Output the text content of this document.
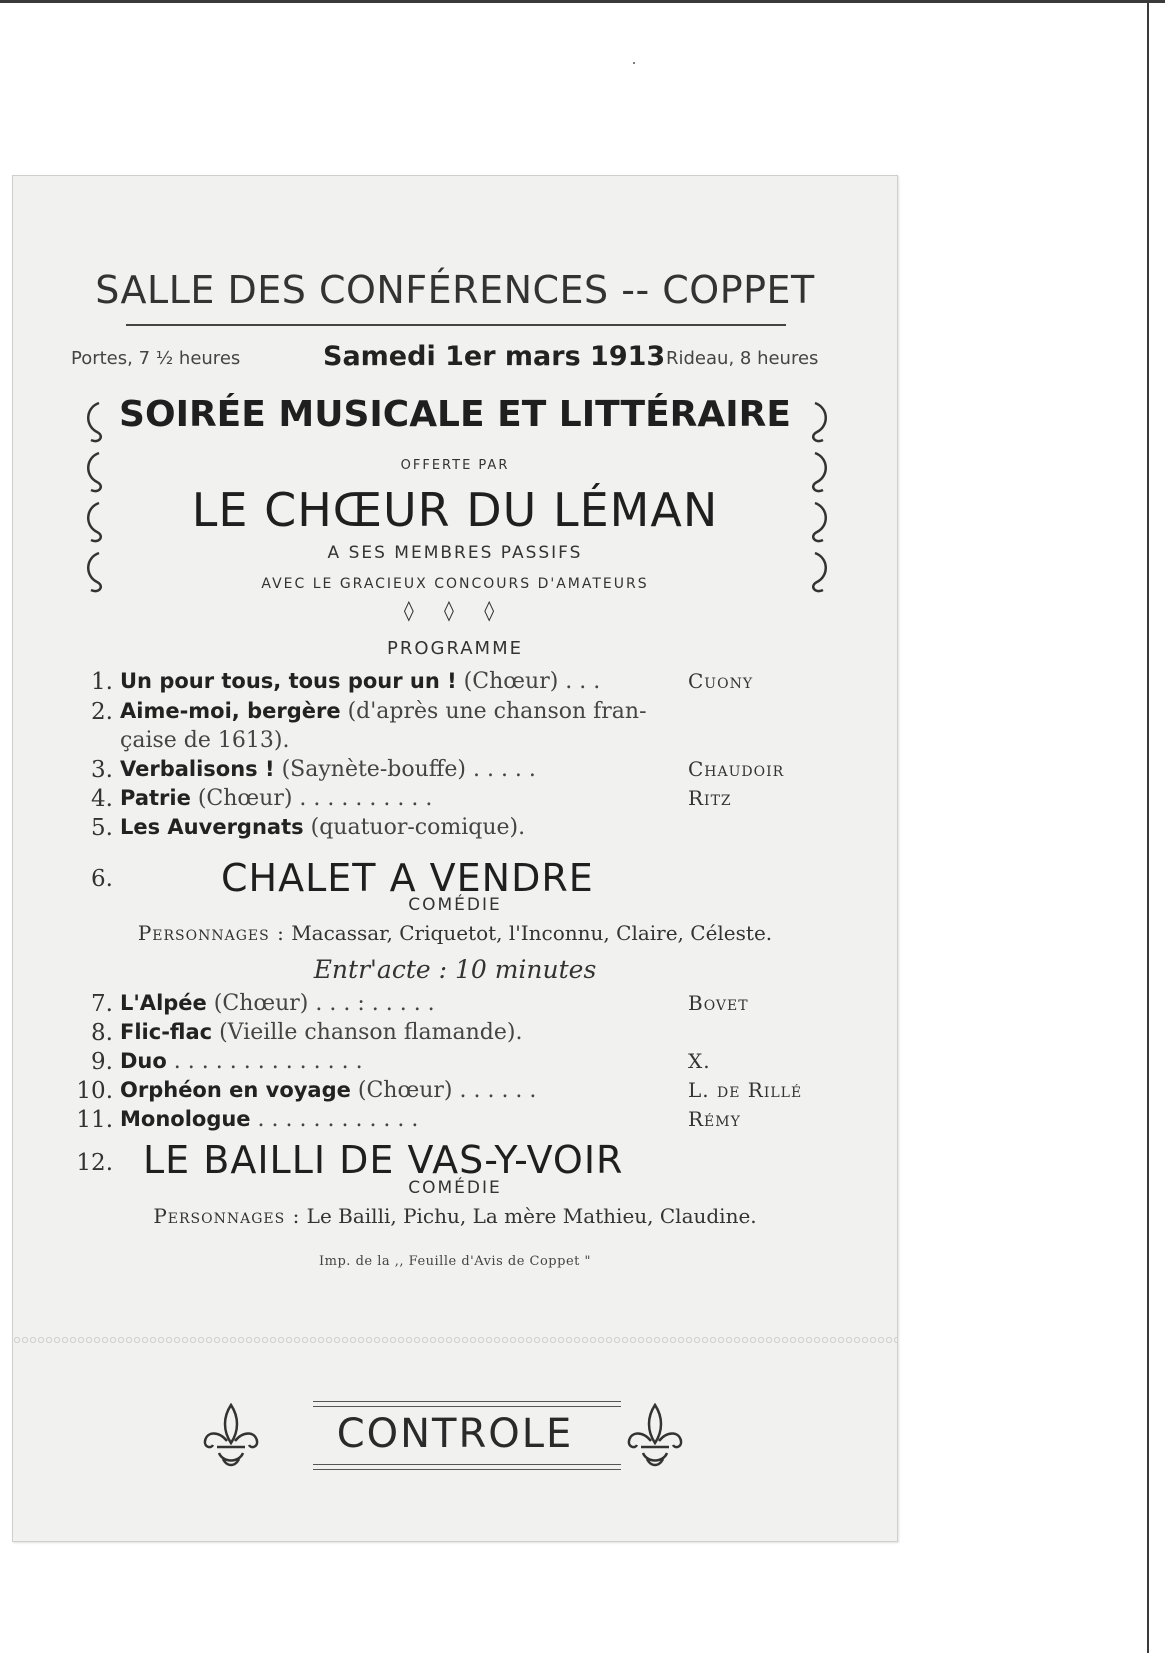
SALLE DES CONFÉRENCES -- COPPET
Portes, 7 ½ heures	Samedi 1er mars 1913 Rideau, 8 heures
SOIRÉE MUSICALE ET LITTÉRAIRE
OFFERTE PAR
LE CHŒUR DU LÉMAN
A SES MEMBRES PASSIFS
AVEC LE GRACIEUX CONCOURS D'AMATEURS
◊ ◊ ◊
PROGRAMME
1. Un pour tous, tous pour un ! (Chœur) . . .	Cuony
2. Aime-moi, bergère (d'après une chanson fran-
çaise de 1613).
3. Verbalisons ! (Saynète-bouffe) . . . . .	Chaudoir
4. Patrie (Chœur) . . . . . . . . . .	Ritz
5. Les Auvergnats (quatuor-comique).
6.	CHALET A VENDRE
COMÉDIE
Personnages : Macassar, Criquetot, l'Inconnu, Claire, Céleste.
Entr'acte : 10 minutes
7. L'Alpée (Chœur) . . . : . . . . .	Bovet
8. Flic-flac (Vieille chanson flamande).
9. Duo . . . . . . . . . . . . . .	X.
10. Orphéon en voyage (Chœur) . . . . . .	L. de Rillé
11. Monologue . . . . . . . . . . . .	Rémy
12. LE BAILLI DE VAS-Y-VOIR
COMÉDIE
Personnages : Le Bailli, Pichu, La mère Mathieu, Claudine.
Imp. de la ,, Feuille d'Avis de Coppet "
CONTROLE
